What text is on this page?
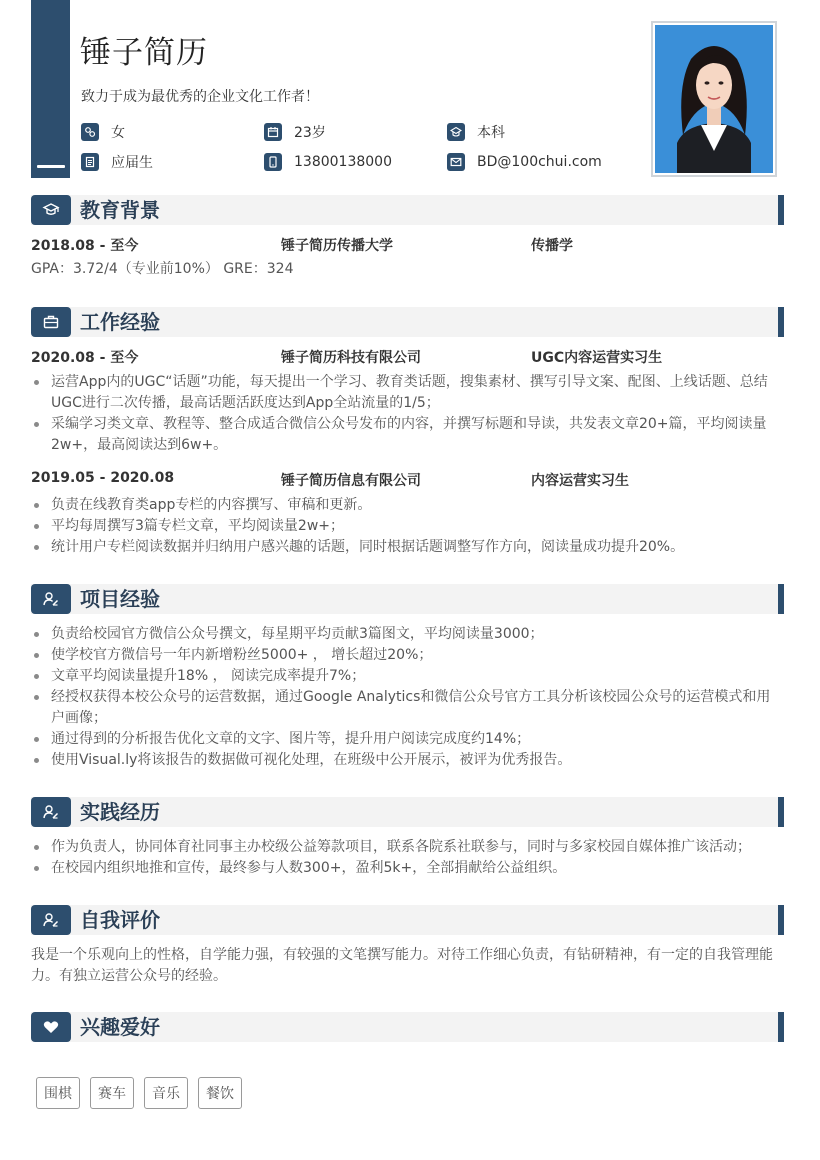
锤子简历
致力于成为最优秀的企业文化工作者！
女	23岁	本科
应届生	13800138000	BD@100chui.com
教育背景
2018.08 - 至今	锤子简历传播大学	传播学
GPA：3.72/4（专业前10%） GRE：324
工作经验
2020.08 - 至今	锤子简历科技有限公司	UGC内容运营实习生
运营App内的UGC“话题”功能，每天提出一个学习、教育类话题，搜集素材、撰写引导文案、配图、上线话题、总结UGC进行二次传播，最高话题活跃度达到App全站流量的1/5；
采编学习类文章、教程等、整合成适合微信公众号发布的内容，并撰写标题和导读，共发表文章20+篇，平均阅读量2w+，最高阅读达到6w+。
2019.05 - 2020.08	锤子简历信息有限公司	内容运营实习生
负责在线教育类app专栏的内容撰写、审稿和更新。
平均每周撰写3篇专栏文章，平均阅读量2w+；
统计用户专栏阅读数据并归纳用户感兴趣的话题，同时根据话题调整写作方向，阅读量成功提升20%。
项目经验
负责给校园官方微信公众号撰文，每星期平均贡献3篇图文，平均阅读量3000；
使学校官方微信号一年内新增粉丝5000+ ， 增长超过20%；
文章平均阅读量提升18% ， 阅读完成率提升7%；
经授权获得本校公众号的运营数据，通过Google Analytics和微信公众号官方工具分析该校园公众号的运营模式和用户画像；
通过得到的分析报告优化文章的文字、图片等，提升用户阅读完成度约14%；
使用Visual.ly将该报告的数据做可视化处理，在班级中公开展示，被评为优秀报告。
实践经历
作为负责人，协同体育社同事主办校级公益筹款项目，联系各院系社联参与，同时与多家校园自媒体推广该活动；
在校园内组织地推和宣传，最终参与人数300+，盈利5k+，全部捐献给公益组织。
自我评价
我是一个乐观向上的性格，自学能力强，有较强的文笔撰写能力。对待工作细心负责，有钻研精神，有一定的自我管理能力。有独立运营公众号的经验。
兴趣爱好
围棋	赛车	音乐	餐饮
